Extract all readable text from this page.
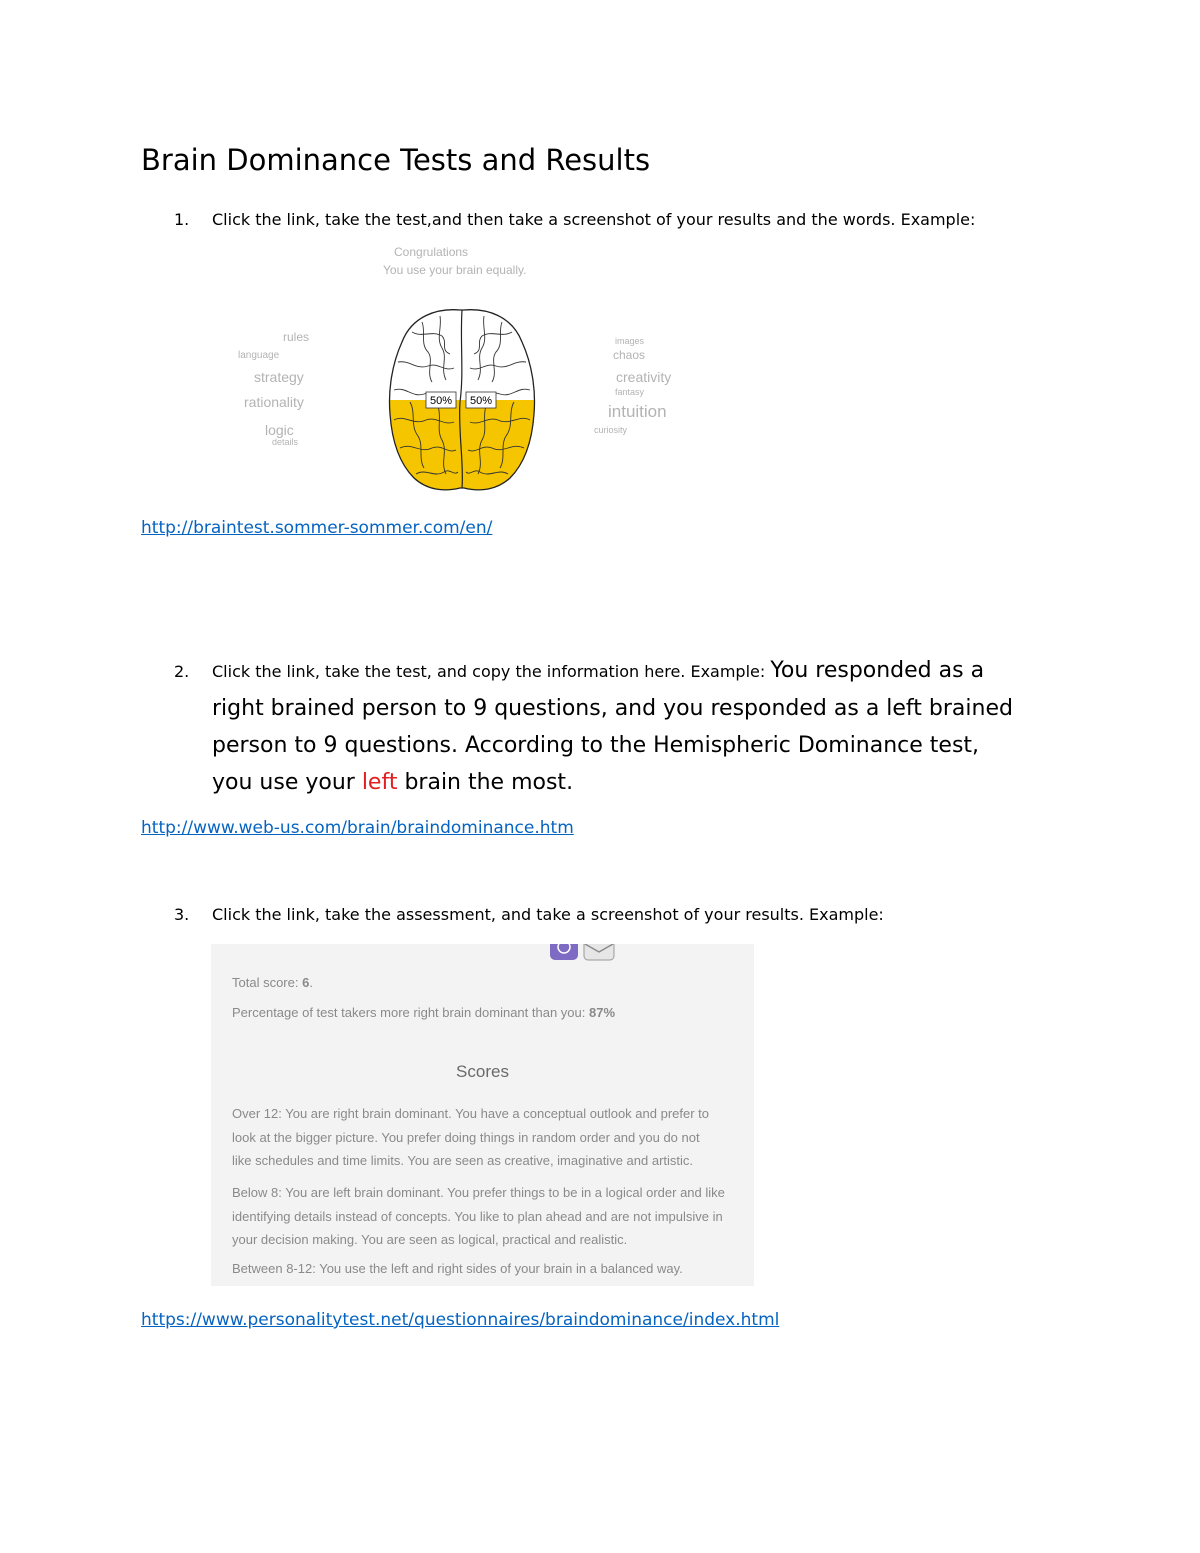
Brain Dominance Tests and Results
1. Click the link, take the test,and then take a screenshot of your results and the words. Example:
Congrulations
You use your brain equally.
rules
language
strategy
rationality
logic
details
images
chaos
creativity
fantasy
intuition
curiosity
50% 50%
http://braintest.sommer-sommer.com/en/
2. Click the link, take the test, and copy the information here. Example: You responded as a
right brained person to 9 questions, and you responded as a left brained
person to 9 questions. According to the Hemispheric Dominance test,
you use your left brain the most.
http://www.web-us.com/brain/braindominance.htm
3. Click the link, take the assessment, and take a screenshot of your results. Example:
Total score: 6.
Percentage of test takers more right brain dominant than you: 87%
Scores
Over 12: You are right brain dominant. You have a conceptual outlook and prefer to
look at the bigger picture. You prefer doing things in random order and you do not
like schedules and time limits. You are seen as creative, imaginative and artistic.
Below 8: You are left brain dominant. You prefer things to be in a logical order and like
identifying details instead of concepts. You like to plan ahead and are not impulsive in
your decision making. You are seen as logical, practical and realistic.
Between 8-12: You use the left and right sides of your brain in a balanced way.
https://www.personalitytest.net/questionnaires/braindominance/index.html
